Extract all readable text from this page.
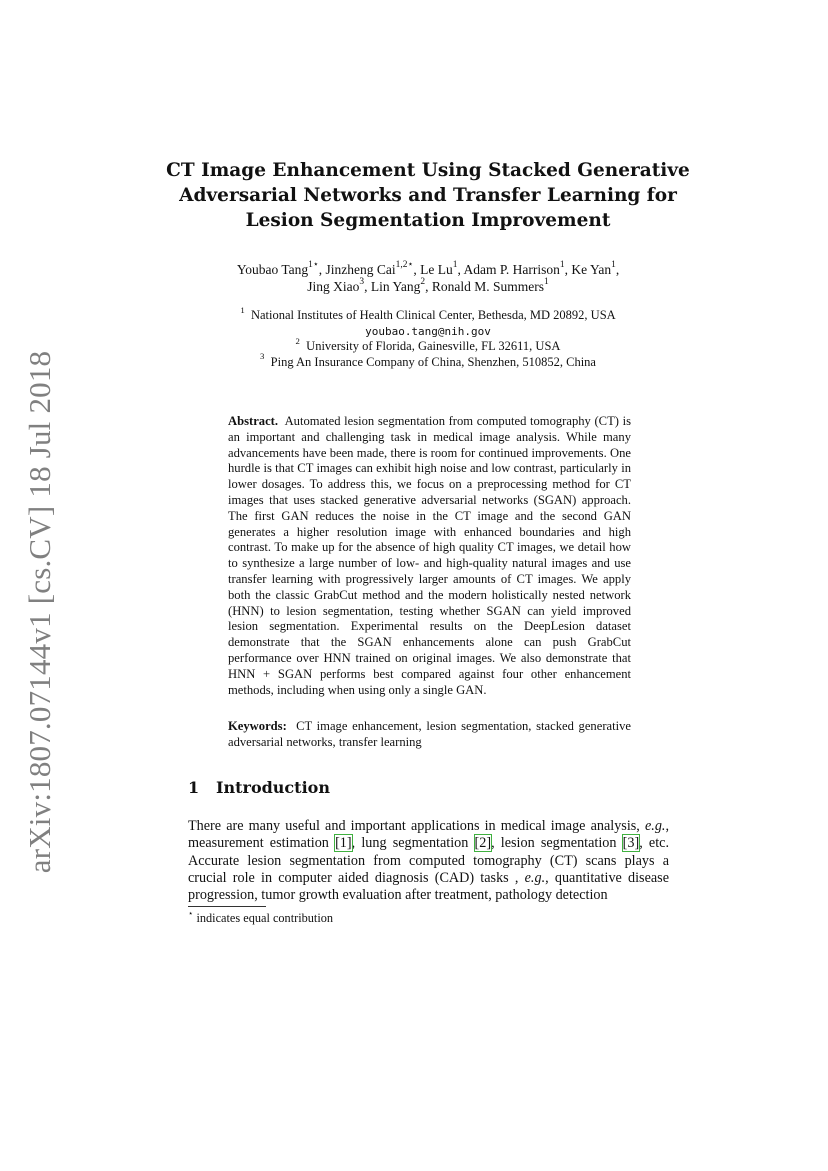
arXiv:1807.07144v1 [cs.CV] 18 Jul 2018
CT Image Enhancement Using Stacked Generative Adversarial Networks and Transfer Learning for Lesion Segmentation Improvement
Youbao Tang$^{1⋆}$, Jinzheng Cai$^{1,2⋆}$, Le Lu$^1$, Adam P. Harrison$^1$, Ke Yan$^1$,
Jing Xiao$^3$, Lin Yang$^2$, Ronald M. Summers$^1$
$^1$ National Institutes of Health Clinical Center, Bethesda, MD 20892, USA
youbao.tang@nih.gov
$^2$ University of Florida, Gainesville, FL 32611, USA
$^3$ Ping An Insurance Company of China, Shenzhen, 510852, China

Abstract. Automated lesion segmentation from computed tomography (CT) is an important and challenging task in medical image analysis. While many advancements have been made, there is room for continued improvements. One hurdle is that CT images can exhibit high noise and low contrast, particularly in lower dosages. To address this, we focus on a preprocessing method for CT images that uses stacked generative adversarial networks (SGAN) approach. The first GAN reduces the noise in the CT image and the second GAN generates a higher resolution image with enhanced boundaries and high contrast. To make up for the absence of high quality CT images, we detail how to synthesize a large number of low- and high-quality natural images and use transfer learning with progressively larger amounts of CT images. We apply both the classic GrabCut method and the modern holistically nested network (HNN) to lesion segmentation, testing whether SGAN can yield improved lesion segmentation. Experimental results on the DeepLesion dataset demonstrate that the SGAN enhancements alone can push GrabCut performance over HNN trained on original images. We also demonstrate that HNN + SGAN performs best compared against four other enhancement methods, including when using only a single GAN.

Keywords: CT image enhancement, lesion segmentation, stacked generative adversarial networks, transfer learning

1 Introduction

There are many useful and important applications in medical image analysis, e.g., measurement estimation [1], lung segmentation [2], lesion segmentation [3], etc. Accurate lesion segmentation from computed tomography (CT) scans plays a crucial role in computer aided diagnosis (CAD) tasks , e.g., quantitative disease progression, tumor growth evaluation after treatment, pathology detection

⋆ indicates equal contribution
